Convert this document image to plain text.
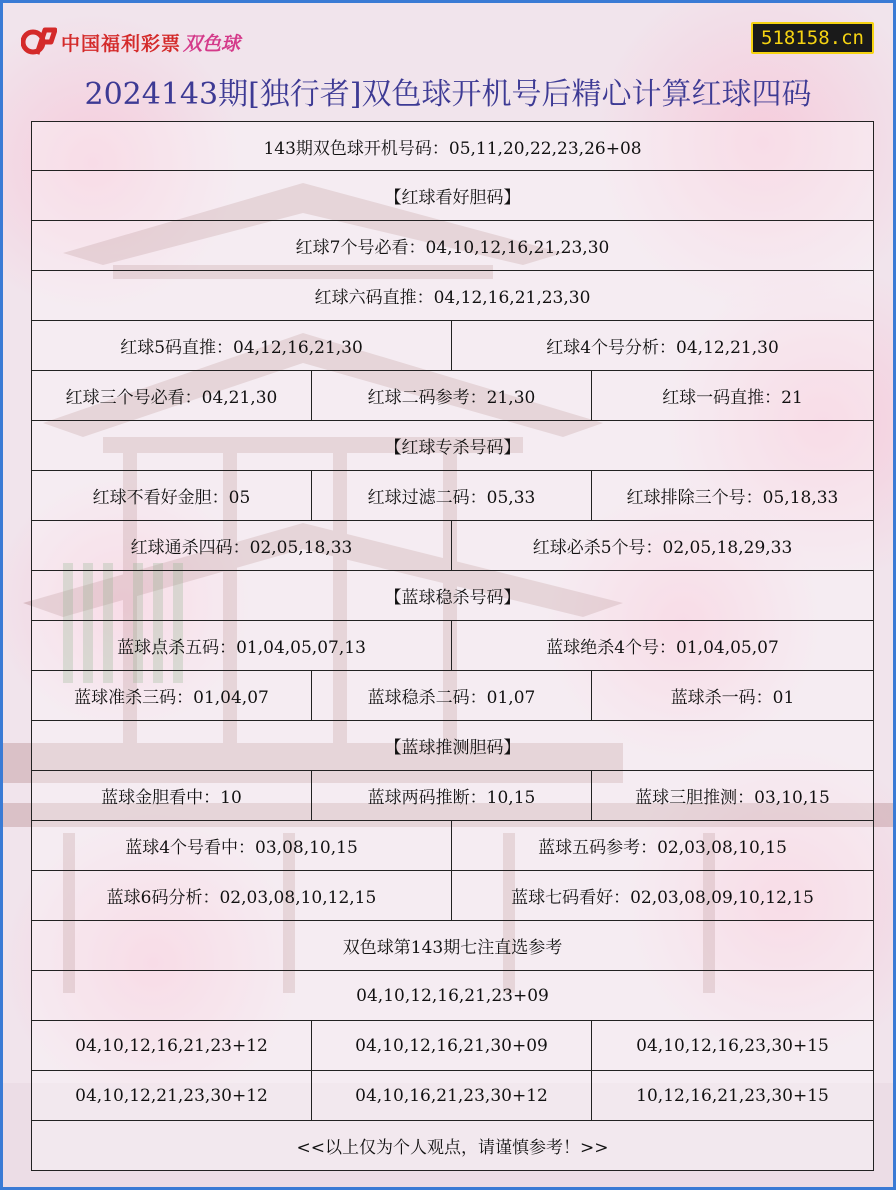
中国福利彩票 双色球	518158.cn
2024143期[独行者]双色球开机号后精心计算红球四码
143期双色球开机号码：05,11,20,22,23,26+08			
【红球看好胆码】			
红球7个号必看：04,10,12,16,21,23,30			
红球六码直推：04,12,16,21,23,30			
红球5码直推：04,12,16,21,30		红球4个号分析：04,12,21,30	
红球三个号必看：04,21,30	红球二码参考：21,30		红球一码直推：21
【红球专杀号码】			
红球不看好金胆：05	红球过滤二码：05,33		红球排除三个号：05,18,33
红球通杀四码：02,05,18,33		红球必杀5个号：02,05,18,29,33	
【蓝球稳杀号码】			
蓝球点杀五码：01,04,05,07,13		蓝球绝杀4个号：01,04,05,07	
蓝球准杀三码：01,04,07	蓝球稳杀二码：01,07		蓝球杀一码：01
【蓝球推测胆码】			
蓝球金胆看中：10	蓝球两码推断：10,15		蓝球三胆推测：03,10,15
蓝球4个号看中：03,08,10,15		蓝球五码参考：02,03,08,10,15	
蓝球6码分析：02,03,08,10,12,15		蓝球七码看好：02,03,08,09,10,12,15	
双色球第143期七注直选参考			
04,10,12,16,21,23+09			
04,10,12,16,21,23+12	04,10,12,16,21,30+09		04,10,12,16,23,30+15
04,10,12,21,23,30+12	04,10,16,21,23,30+12		10,12,16,21,23,30+15
<<以上仅为个人观点，请谨慎参考！>>			
